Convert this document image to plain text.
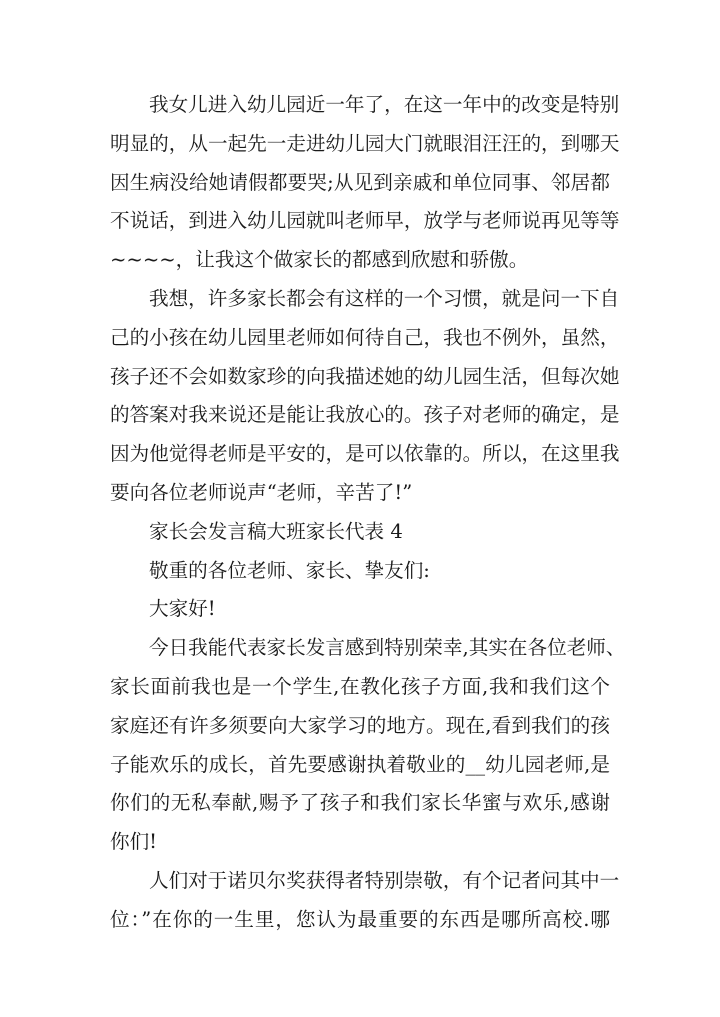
我女儿进入幼儿园近一年了，在这一年中的改变是特别
明显的，从一起先一走进幼儿园大门就眼泪汪汪的，到哪天
因生病没给她请假都要哭;从见到亲戚和单位同事、邻居都
不说话，到进入幼儿园就叫老师早，放学与老师说再见等等
~~~~，让我这个做家长的都感到欣慰和骄傲。
我想，许多家长都会有这样的一个习惯，就是问一下自
己的小孩在幼儿园里老师如何待自己，我也不例外，虽然，
孩子还不会如数家珍的向我描述她的幼儿园生活，但每次她
的答案对我来说还是能让我放心的。孩子对老师的确定，是
因为他觉得老师是平安的，是可以依靠的。所以，在这里我
要向各位老师说声“老师，辛苦了!”
家长会发言稿大班家长代表 4
敬重的各位老师、家长、挚友们:
大家好!
今日我能代表家长发言感到特别荣幸,其实在各位老师、
家长面前我也是一个学生,在教化孩子方面,我和我们这个
家庭还有许多须要向大家学习的地方。现在,看到我们的孩
子能欢乐的成长，首先要感谢执着敬业的__幼儿园老师,是
你们的无私奉献,赐予了孩子和我们家长华蜜与欢乐,感谢
你们!
人们对于诺贝尔奖获得者特别崇敬，有个记者问其中一
位：”在你的一生里，您认为最重要的东西是哪所高校.哪
